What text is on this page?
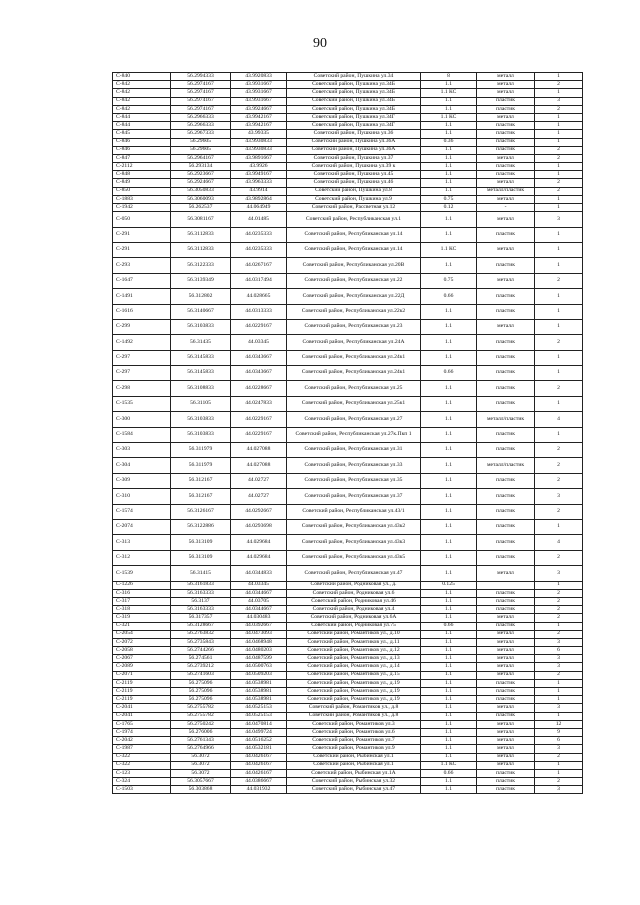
90
С-840	56.2994333	43.9920833	Советский район, Пушкина ул.34	8	металл	1
С-842	56.2974167	43.9931667	Советский район, Пушкина ул.34Б	1.1	металл	2
С-842	56.2974167	43.9931667	Советский район, Пушкина ул.34Б	1.1 КС	металл	1
С-842	56.2974167	43.9931667	Советский район, Пушкина ул.34Б	1.1	пластик	3
С-842	56.2974167	43.9924667	Советский район, Пушкина ул.34Б	1.1	пластик	2
С-844	56.2966333	43.9942167	Советский район, Пушкина ул.34Г	1.1 КС	металл	1
С-844	56.2966333	43.9942167	Советский район, Пушкина ул.34Г	1.1	пластик	1
С-845	56.2967333	43.99335	Советский район, Пушкина ул.36	1.1	пластик	1
С-846	56.29605	43.9930833	Советский район, Пушкина ул.36А	0.36	пластик	1
С-846	56.29605	43.9930833	Советский район, Пушкина ул.36А	1.1	пластик	2
С-847	56.2964167	43.9891667	Советский район, Пушкина ул.37	1.1	металл	2
С-2112	56.293134	43.9926	Советский район, Пушкина ул.39 к	1.1	пластик	1
С-848	56.2923667	43.9949167	Советский район, Пушкина ул.45	1.1	пластик	1
С-849	56.2924667	43.9963333	Советский район, Пушкина ул.46	1.1	металл	2
С-850	56.3050833	43.9914	Советский район, Пушкина ул.8	1.1	металл/пластик	2
С-1883	56.3060093	43.9892864	Советский район, Пушкина ул.9	0.75	металл	1
С-1942	56.262537	44.064949	Советский район, Рассветная ул.12	0.12	-	1
С-050	56.3081167	44.01485	Советский район, Республиканская ул.1	1.1	металл	3
С-291	56.3112833	44.0235333	Советский район, Республиканская ул.14	1.1	пластик	1
С-291	56.3112833	44.0235333	Советский район, Республиканская ул.14	1.1 КС	металл	1
С-293	56.3122333	44.0267167	Советский район, Республиканская ул.20В	1.1	пластик	1
С-1647	56.3139349	44.0317494	Советский район, Республиканская ул.22	0.75	металл	2
С-1491	56.312802	44.028665	Советский район, Республиканская ул.22Д	0.66	пластик	1
С-1616	56.3140667	44.0313333	Советский район, Республиканская ул.22к2	1.1	пластик	1
С-299	56.3103833	44.0229167	Советский район, Республиканская ул.23	1.1	металл	1
С-1492	56.31435	44.03345	Советский район, Республиканская ул.24А	1.1	пластик	2
С-297	56.3145833	44.0343667	Советский район, Республиканская ул.24к1	1.1	пластик	1
С-297	56.3145833	44.0343667	Советский район, Республиканская ул.24к1	0.66	пластик	1
С-298	56.3108833	44.0228667	Советский район, Республиканская ул.25	1.1	пластик	2
С-1535	56.31105	44.0247833	Советский район, Республиканская ул.25к1	1.1	пластик	1
С-300	56.3103833	44.0229167	Советский район, Республиканская ул.27	1.1	металл/пластик	4
С-1584	56.3103833	44.0229167	Советский район, Республиканская ул.27к.Пкп 1	1.1	пластик	1
С-303	56.311979	44.027088	Советский район, Республиканская ул.31	1.1	пластик	2
С-304	56.311979	44.027088	Советский район, Республиканская ул.33	1.1	металл/пластик	2
С-309	56.312167	44.02727	Советский район, Республиканская ул.35	1.1	пластик	2
С-310	56.312167	44.02727	Советский район, Республиканская ул.37	1.1	пластик	3
С-1574	56.3126167	44.0292667	Советский район, Республиканская ул.43/1	1.1	пластик	2
С-2074	56.3122886	44.0293698	Советский район, Республиканская ул.43к2	1.1	пластик	1
С-313	56.313109	44.029684	Советский район, Республиканская ул.43к3	1.1	пластик	4
С-312	56.313109	44.029684	Советский район, Республиканская ул.43к5	1.1	пластик	2
С-1539	56.31415	44.0344833	Советский район, Республиканская ул.47	1.1	металл	3
С-1226	56.3161833	44.03345	Советский район, Родниковая ул., д.	0.125		1
С-316	56.3163333	44.0344667	Советский район, Родниковая ул.6	1.1	пластик	2
С-317	56.3137	44.03705	Советский район, Родниковая ул.46	1.1	пластик	2
С-318	56.3163333	44.0344667	Советский район, Родниковая ул.4	1.1	пластик	2
С-319	56.317357	44.030483	Советский район, Родниковая ул.6А	1.1	металл	2
С-321	56.3128667	44.0392667	Советский район, Родниковая ул.75	0.66	пластик	1
С-2054	56.2763832	44.0473093	Советский район, Романтиков ул., д.10	1.1	металл	2
С-2072	56.2735843	44.0468948	Советский район, Романтиков ул., д.11	1.1	металл	3
С-2058	56.2744266	44.0480203	Советский район, Романтиков ул., д.12	1.1	металл	6
С-2067	56.274561	44.0487599	Советский район, Романтиков ул., д.13	1.1	металл	3
С-2089	56.2739212	44.0500763	Советский район, Романтиков ул., д.14	1.1	металл	3
С-2071	56.2741603	44.0509203	Советский район, Романтиков ул., д.15	1.1	металл	2
С-2119	56.275096	44.0538981	Советский район, Романтиков ул., д.19	1.1	пластик	1
С-2119	56.275096	44.0538981	Советский район, Романтиков ул., д.19	1.1	пластик	1
С-2119	56.275096	44.0538981	Советский район, Романтиков ул., д.19	1.1	пластик	1
С-2041	56.2755782	44.0525153	Советский район, Романтиков ул., д.8	1.1	металл	3
С-2041	56.2755782	44.0525153	Советский район, Романтиков ул., д.8	1.1	пластик	1
С-1765	56.2750242	44.0470814	Советский район, Романтиков ул.3	1.1	металл	12
С-1974	56.276006	44.0499724	Советский район, Романтиков ул.6	1.1	металл	9
С-2042	56.2761343	44.0516252	Советский район, Романтиков ул.7	1.1	металл	6
С-1987	56.2764966	44.0532181	Советский район, Романтиков ул.9	1.1	металл	3
С-322	56.3072	44.0426167	Советский район, Рыбинская ул.1	1.1	металл	2
С-322	56.3072	44.0426167	Советский район, Рыбинская ул.1	1.1 КС	металл	1
С-123	56.3072	44.0426167	Советский район, Рыбинская ул.1А	0.66	пластик	1
С-324	56.3057667	44.0386667	Советский район, Рыбинская ул.32	1.1	пластик	2
С-1503	56.303868	44.031932	Советский район, Рыбинская ул.47	1.1	пластик	3
